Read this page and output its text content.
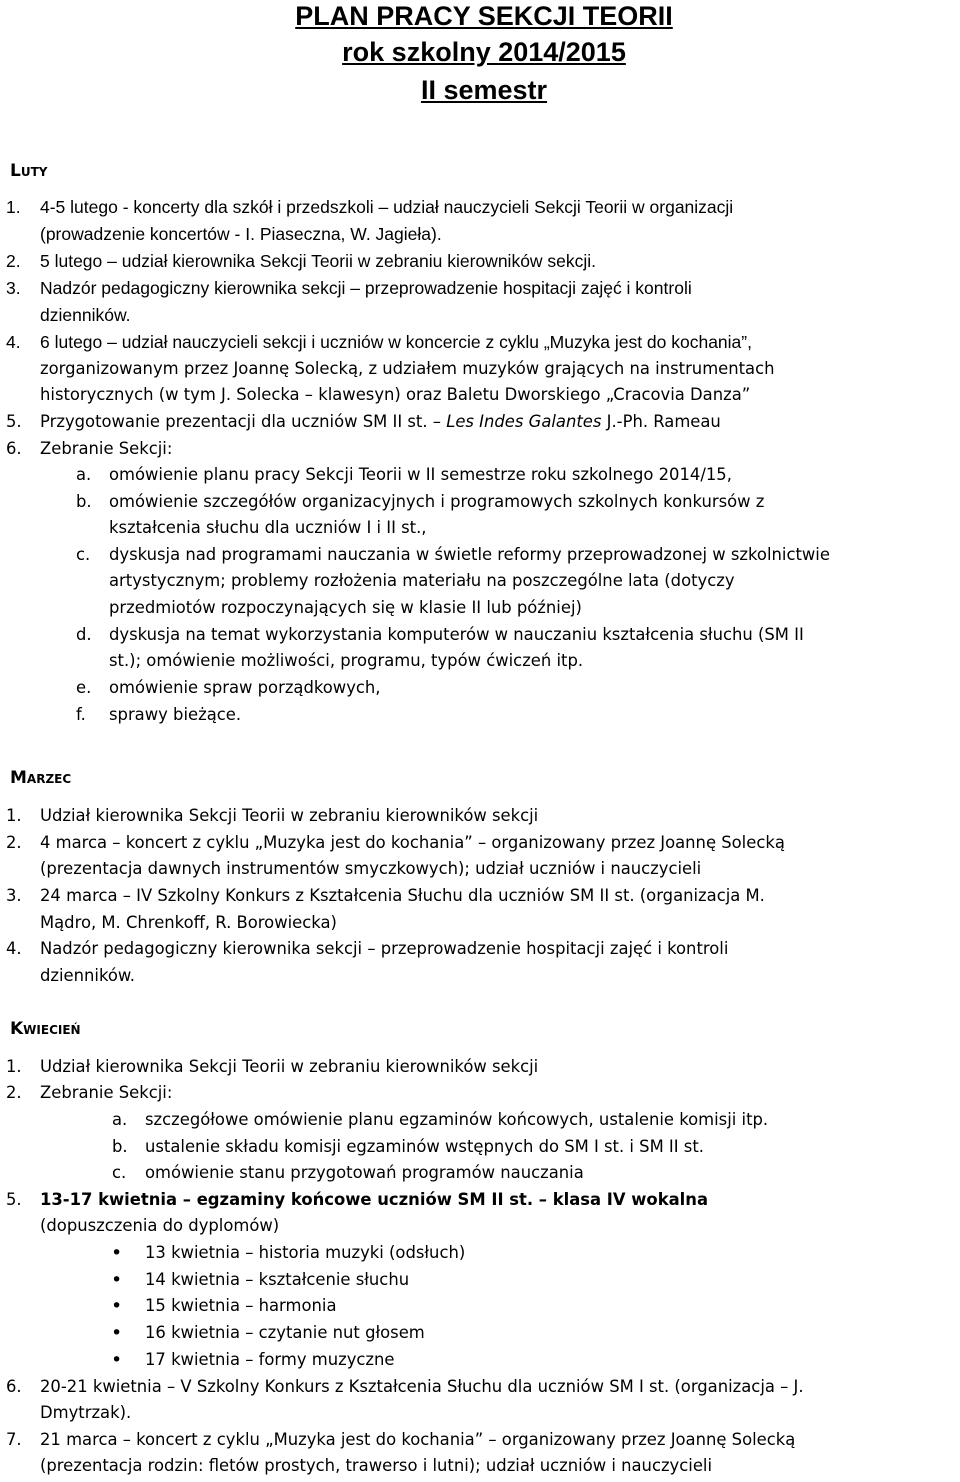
PLAN PRACY SEKCJI TEORII
rok szkolny 2014/2015
II semestr
Luty
1. 4-5 lutego - koncerty dla szkół i przedszkoli – udział nauczycieli Sekcji Teorii w organizacji
(prowadzenie koncertów - I. Piaseczna, W. Jagieła).
2. 5 lutego – udział kierownika Sekcji Teorii w zebraniu kierowników sekcji.
3. Nadzór pedagogiczny kierownika sekcji – przeprowadzenie hospitacji zajęć i kontroli
dzienników.
4. 6 lutego – udział nauczycieli sekcji i uczniów w koncercie z cyklu „Muzyka jest do kochania”,
zorganizowanym przez Joannę Solecką, z udziałem muzyków grających na instrumentach
historycznych (w tym J. Solecka – klawesyn) oraz Baletu Dworskiego „Cracovia Danza”
5. Przygotowanie prezentacji dla uczniów SM II st. – Les Indes Galantes J.-Ph. Rameau
6. Zebranie Sekcji:
a. omówienie planu pracy Sekcji Teorii w II semestrze roku szkolnego 2014/15,
b. omówienie szczegółów organizacyjnych i programowych szkolnych konkursów z
kształcenia słuchu dla uczniów I i II st.,
c. dyskusja nad programami nauczania w świetle reformy przeprowadzonej w szkolnictwie
artystycznym; problemy rozłożenia materiału na poszczególne lata (dotyczy
przedmiotów rozpoczynających się w klasie II lub później)
d. dyskusja na temat wykorzystania komputerów w nauczaniu kształcenia słuchu (SM II
st.); omówienie możliwości, programu, typów ćwiczeń itp.
e. omówienie spraw porządkowych,
f. sprawy bieżące.
Marzec
1. Udział kierownika Sekcji Teorii w zebraniu kierowników sekcji
2. 4 marca – koncert z cyklu „Muzyka jest do kochania” – organizowany przez Joannę Solecką
(prezentacja dawnych instrumentów smyczkowych); udział uczniów i nauczycieli
3. 24 marca – IV Szkolny Konkurs z Kształcenia Słuchu dla uczniów SM II st. (organizacja M.
Mądro, M. Chrenkoff, R. Borowiecka)
4. Nadzór pedagogiczny kierownika sekcji – przeprowadzenie hospitacji zajęć i kontroli
dzienników.
Kwiecień
1. Udział kierownika Sekcji Teorii w zebraniu kierowników sekcji
2. Zebranie Sekcji:
a. szczegółowe omówienie planu egzaminów końcowych, ustalenie komisji itp.
b. ustalenie składu komisji egzaminów wstępnych do SM I st. i SM II st.
c. omówienie stanu przygotowań programów nauczania
5. 13-17 kwietnia – egzaminy końcowe uczniów SM II st. – klasa IV wokalna
(dopuszczenia do dyplomów)
• 13 kwietnia – historia muzyki (odsłuch)
• 14 kwietnia – kształcenie słuchu
• 15 kwietnia – harmonia
• 16 kwietnia – czytanie nut głosem
• 17 kwietnia – formy muzyczne
6. 20-21 kwietnia – V Szkolny Konkurs z Kształcenia Słuchu dla uczniów SM I st. (organizacja – J.
Dmytrzak).
7. 21 marca – koncert z cyklu „Muzyka jest do kochania” – organizowany przez Joannę Solecką
(prezentacja rodzin: fletów prostych, trawerso i lutni); udział uczniów i nauczycieli
